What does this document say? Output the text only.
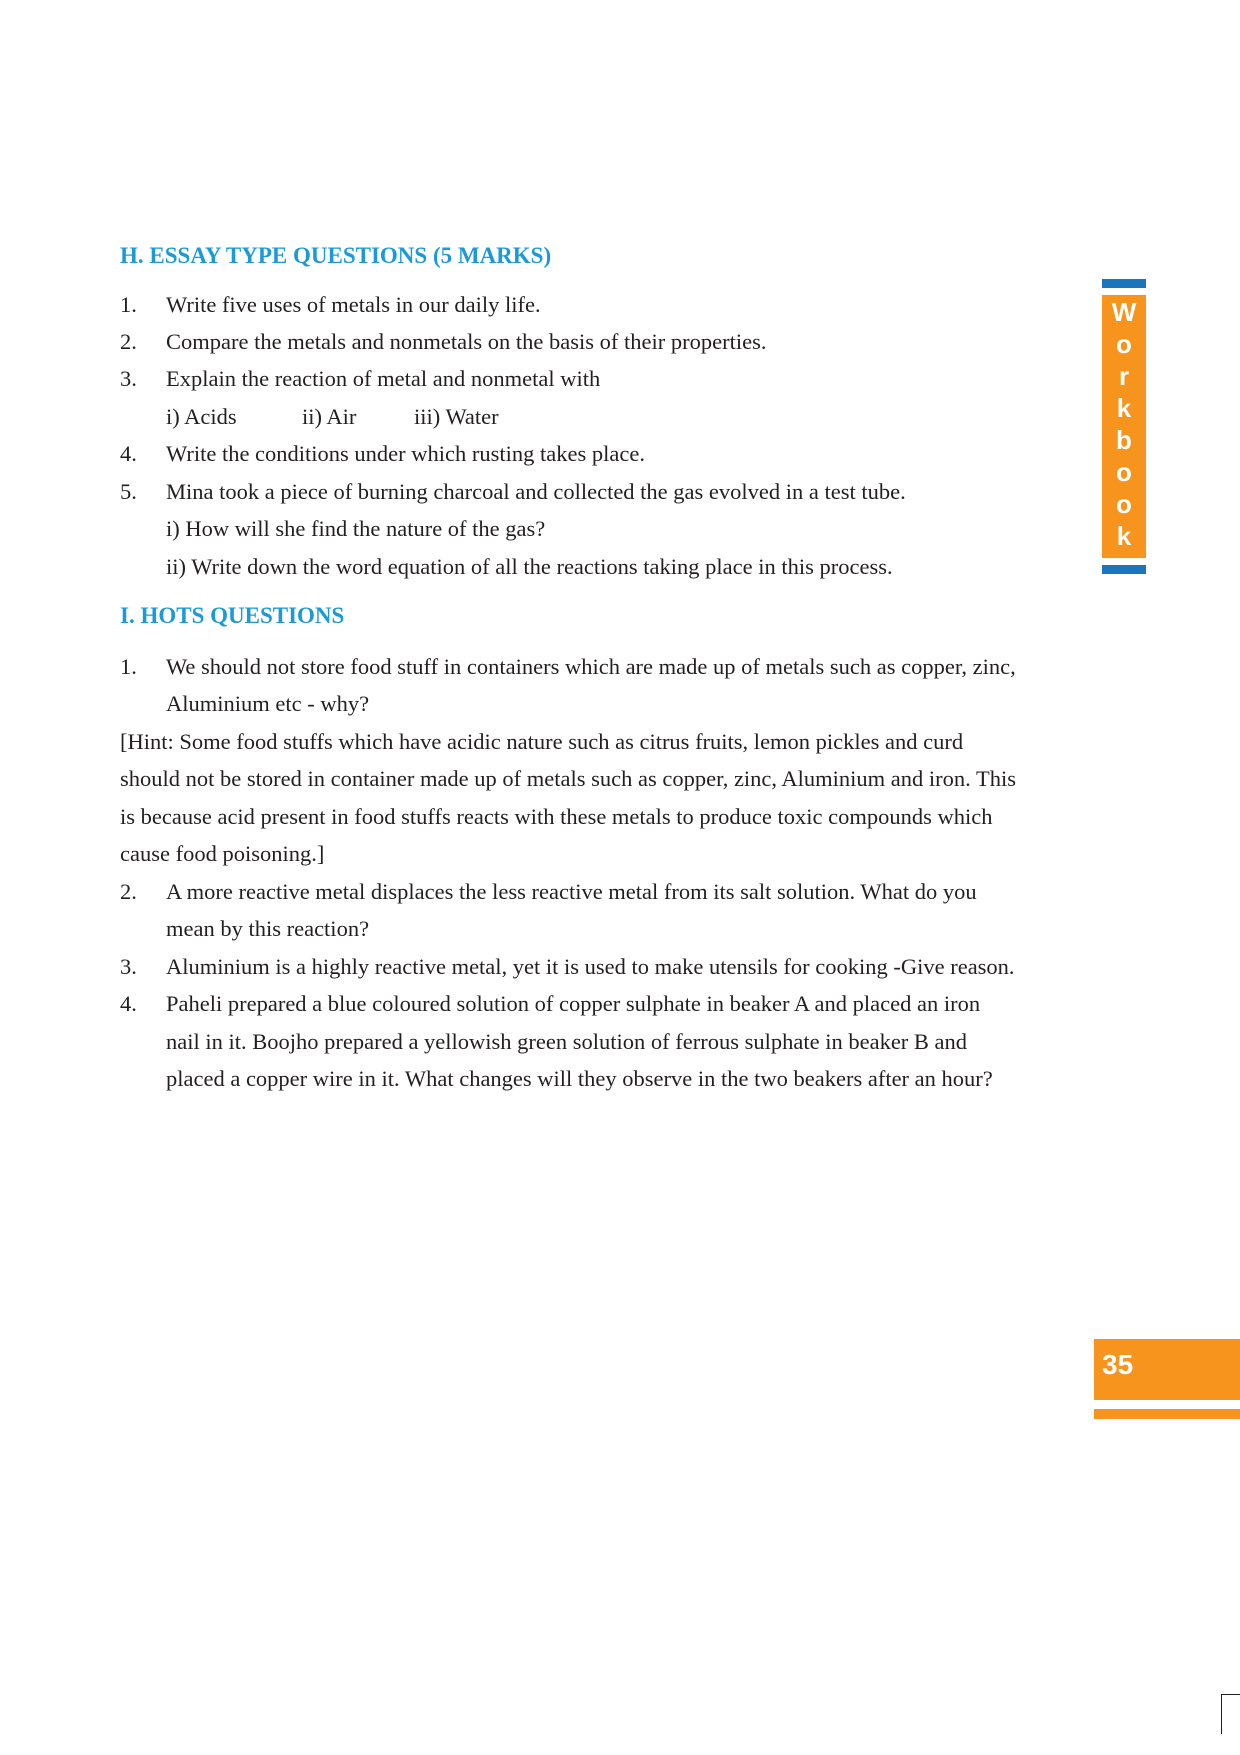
H. ESSAY TYPE QUESTIONS (5 MARKS)
1. Write five uses of metals in our daily life.
2. Compare the metals and nonmetals on the basis of their properties.
3. Explain the reaction of metal and nonmetal with
i) Acids	ii) Air	iii) Water
4. Write the conditions under which rusting takes place.
5. Mina took a piece of burning charcoal and collected the gas evolved in a test tube.
i) How will she find the nature of the gas?
ii) Write down the word equation of all the reactions taking place in this process.
I. HOTS QUESTIONS
1. We should not store food stuff in containers which are made up of metals such as copper, zinc,
Aluminium etc - why?
[Hint: Some food stuffs which have acidic nature such as citrus fruits, lemon pickles and curd
should not be stored in container made up of metals such as copper, zinc, Aluminium and iron. This
is because acid present in food stuffs reacts with these metals to produce toxic compounds which
cause food poisoning.]
2. A more reactive metal displaces the less reactive metal from its salt solution. What do you
mean by this reaction?
3. Aluminium is a highly reactive metal, yet it is used to make utensils for cooking -Give reason.
4. Paheli prepared a blue coloured solution of copper sulphate in beaker A and placed an iron
nail in it. Boojho prepared a yellowish green solution of ferrous sulphate in beaker B and
placed a copper wire in it. What changes will they observe in the two beakers after an hour?
W
o
r
k
b
o
o
k
35
